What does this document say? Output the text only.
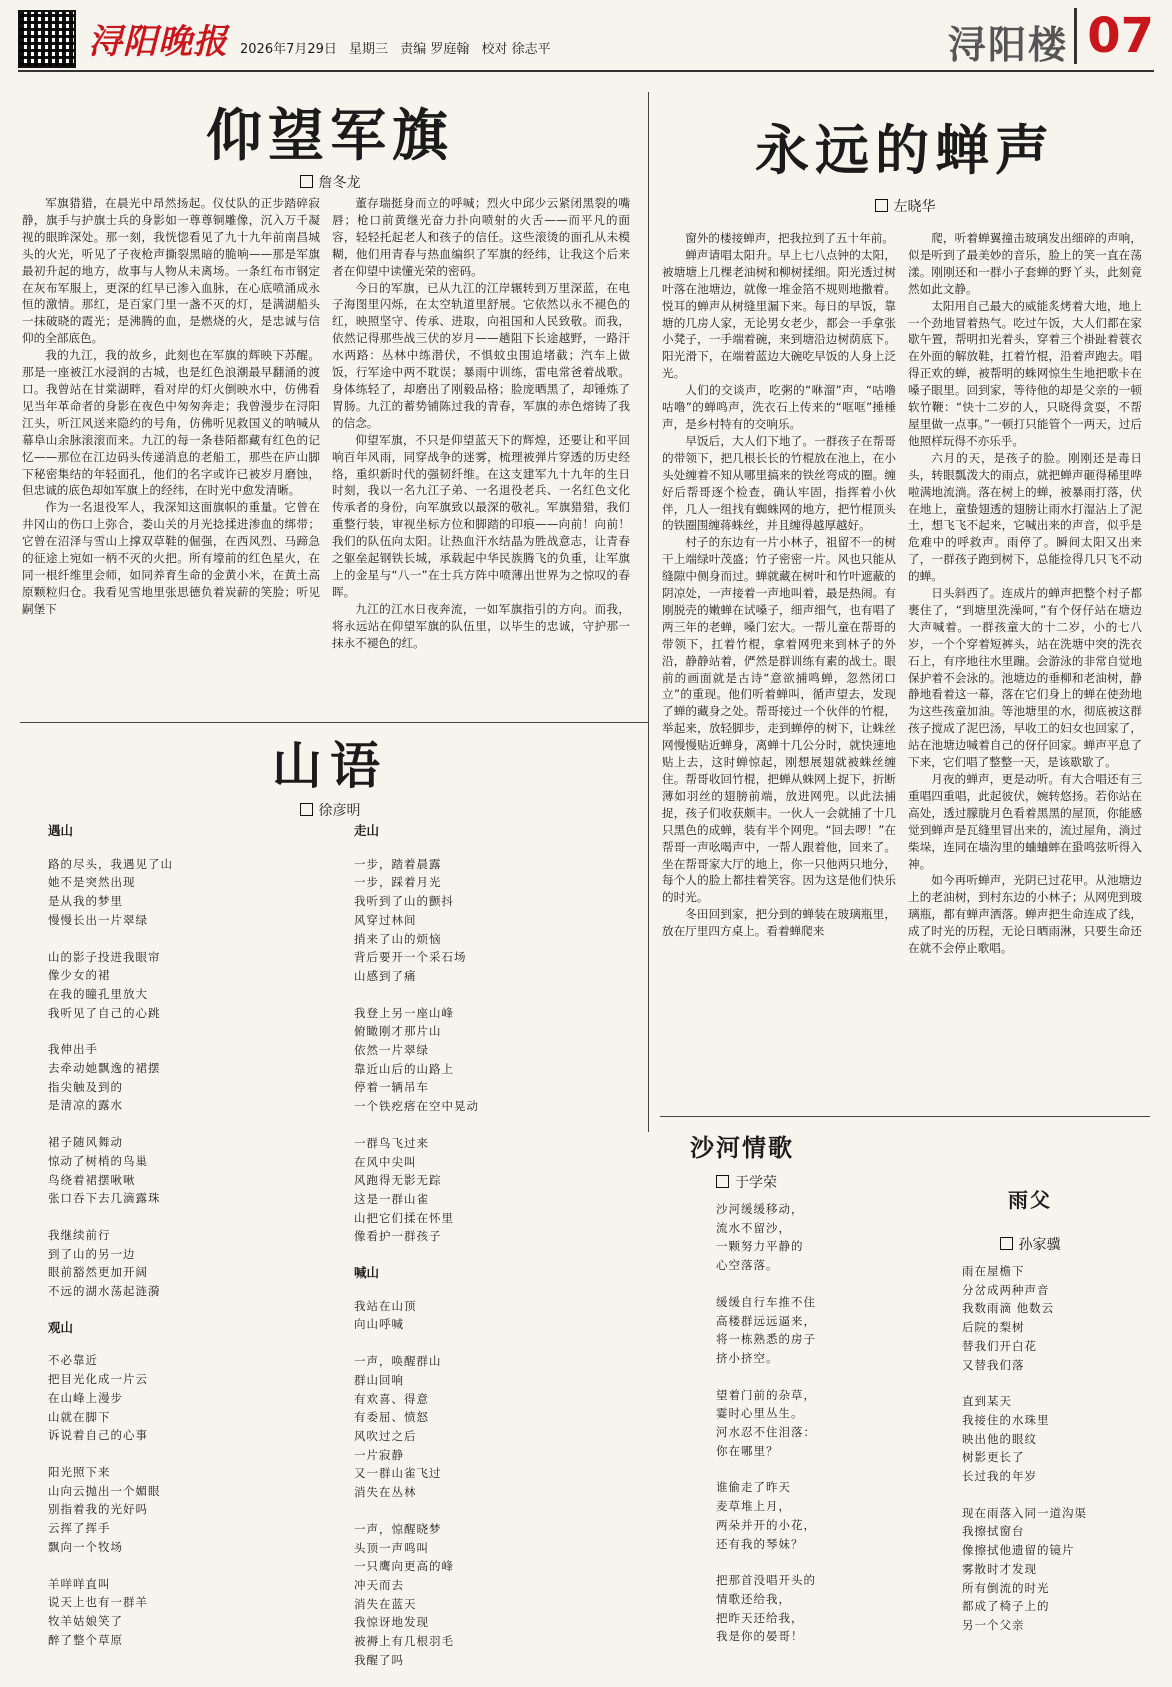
浔阳晚报 2026年7月29日 星期三 责编 罗庭翰 校对 徐志平	浔阳楼 07
仰望军旗
詹冬龙

军旗猎猎，在晨光中昂然扬起。仪仗队的正步踏碎寂静，旗手与护旗士兵的身影如一尊尊铜雕像，沉入万千凝视的眼眸深处。那一刻，我恍惚看见了九十九年前南昌城头的火光，听见了子夜枪声撕裂黑暗的脆响——那是军旗最初升起的地方，故事与人物从未离场。一条红布市钢定在灰布军服上，更深的红早已渗入血脉，在心底喷涌成永恒的激情。那红，是百家门里一盏不灭的灯，是满湖船头一抹破晓的霞光；是沸腾的血，是燃烧的火，是忠诚与信仰的全部底色。

我的九江，我的故乡，此刻也在军旗的辉映下苏醒。那是一座被江水浸润的古城，也是红色浪潮最早翻涌的渡口。我曾站在甘棠湖畔，看对岸的灯火倒映水中，仿佛看见当年革命者的身影在夜色中匆匆奔走；我曾漫步在浔阳江头，听江风送来隐约的号角，仿佛听见救国义的呐喊从幕阜山余脉滚滚而来。九江的每一条巷陌都藏有红色的记忆——那位在江边码头传递消息的老船工，那些在庐山脚下秘密集结的年轻面孔，他们的名字或许已被岁月磨蚀，但忠诚的底色却如军旗上的经纬，在时光中愈发清晰。

作为一名退役军人，我深知这面旗帜的重量。它曾在井冈山的伤口上弥合，娄山关的月光捻揉进渗血的绑带；它曾在沼泽与雪山上撑双草鞋的倔强，在西风烈、马蹄急的征途上宛如一柄不灭的火把。所有壕前的红色星火，在同一根纤维里会师，如同养育生命的金黄小米，在黄土高原颗粒归仓。我看见雪地里张思德负着炭薪的笑脸；听见嗣堡下

董存瑞挺身而立的呼喊；烈火中邱少云紧闭黑裂的嘴唇；枪口前黄继光奋力扑向喷射的火舌——而平凡的面容，轻轻托起老人和孩子的信任。这些滚烫的面孔从未模糊，他们用青春与热血编织了军旗的经纬，让我这个后来者在仰望中读懂光荣的密码。

今日的军旗，已从九江的江岸辗转到万里深蓝，在电子海图里闪烁，在太空轨道里舒展。它依然以永不褪色的红，映照坚守、传承、进取，向祖国和人民致敬。而我，依然记得那些战三伏的岁月——趟阻下长途越野，一路汗水两路：丛林中练潜伏，不惧蚊虫围追堵截；汽车上做饭，行军途中两不耽误；暴雨中训练，雷电常爸着战歌。身体练轻了，却磨出了刚毅品格；脸庞晒黑了，却锤炼了胃肠。九江的蓄势铺陈过我的青春，军旗的赤色熔铸了我的信念。

仰望军旗，不只是仰望蓝天下的辉煌，还要让和平回响百年风雨，同穿战争的迷雾，梳理被弹片穿透的历史经络，重织新时代的强韧纤维。在这支建军九十九年的生日时刻，我以一名九江子弟、一名退役老兵、一名红色文化传承者的身份，向军旗致以最深的敬礼。军旗猎猎，我们重整行装，审视坐标方位和脚踏的印痕——向前！向前！我们的队伍向太阳。让热血汗水结晶为胜战意志，让青春之躯垒起钢铁长城，承载起中华民族腾飞的负重，让军旗上的金星与“八一”在士兵方阵中喷薄出世界为之惊叹的春晖。

九江的江水日夜奔流，一如军旗指引的方向。而我，将永远站在仰望军旗的队伍里，以毕生的忠诚，守护那一抹永不褪色的红。

永远的蝉声
左晓华

窗外的楼接蝉声，把我拉到了五十年前。

蝉声请唱太阳升。早上七八点钟的太阳，被塘塘上几棵老油树和柳树揉细。阳光透过树叶落在池塘边，就像一堆金箔不规则地撒着。悦耳的蝉声从树缝里漏下来。每日的早饭，靠塘的几房人家，无论男女老少，都会一手拿张小凳子，一手端着碗，来到塘沿边树荫底下。阳光滑下，在端着蓝边大碗吃早饭的人身上泛光。

人们的交谈声，吃粥的“咻溜”声，“咕噜咕噜”的蝉鸣声，洗衣石上传来的“哐哐”捶棰声，是乡村特有的交响乐。

早饭后，大人们下地了。一群孩子在帮哥的带领下，把几根长长的竹棍放在池上，在小头处缠着不知从哪里搞来的铁丝弯成的圈。缠好后帮哥逐个检查，确认牢固，指挥着小伙伴，几人一组找有蜘蛛网的地方，把竹棍顶头的铁圈围缠蒋蛛丝，并且缠得越厚越好。

村子的东边有一片小林子，祖留不一的树干上端绿叶茂盛；竹子密密一片。风也只能从缝隙中侧身而过。蝉就藏在树叶和竹叶遮蔽的阴凉处，一声接着一声地叫着，最是热闹。有刚脱壳的嫩蝉在试嗓子，细声细气，也有唱了两三年的老蝉，嗓门宏大。一帮儿童在帮哥的带领下，扛着竹棍，拿着网兜来到林子的外沿，静静站着，俨然是群训练有素的战士。眼前的画面就是古诗“意欲捕鸣蝉，忽然闭口立”的重现。他们听着蝉叫，循声望去，发现了蝉的藏身之处。帮哥接过一个伙伴的竹棍，举起来，放轻脚步，走到蝉停的树下，让蛛丝网慢慢贴近蝉身，离蝉十几公分时，就快速地贴上去，这时蝉惊起，刚想展翅就被蛛丝缠住。帮哥收回竹棍，把蝉从蛛网上捉下，折断薄如羽丝的翅膀前端，放进网兜。以此法捕捉，孩子们收获颇丰。一伙人一会就捕了十几只黑色的成蝉，装有半个网兜。“回去啰！”在帮哥一声吆喝声中，一帮人跟着他，回来了。坐在帮哥家大厅的地上，你一只他两只地分，每个人的脸上都挂着笑容。因为这是他们快乐的时光。

冬田回到家，把分到的蝉装在玻璃瓶里，放在厅里四方桌上。看着蝉爬来

爬，听着蝉翼撞击玻璃发出细碎的声响，似是听到了最美妙的音乐，脸上的笑一直在荡漾。刚刚还和一群小子套蝉的野丫头，此刻竟然如此文静。

太阳用自己最大的威能炙烤着大地，地上一个劲地冒着热气。吃过午饭，大人们都在家歇午置，帮明扣光着头，穿着三个褂趾着蓑衣在外面的解放鞋，扛着竹棍，沿着声跑去。唱得正欢的蝉，被帮明的蛛网惊生生地把歌卡在嗓子眼里。回到家，等待他的却是父亲的一顿软竹鞭：“快十二岁的人，只晓得贪耍，不帮屋里做一点事。”一顿打只能管个一两天，过后他照样玩得不亦乐乎。

六月的天，是孩子的脸。刚刚还是毒日头，转眼瓢泼大的雨点，就把蝉声砸得稀里哗啦满地流淌。落在树上的蝉，被暴雨打落，伏在地上，童蛰翅透的翅膀让雨水打湿沾上了泥土，想飞飞不起来，它喊出来的声音，似乎是危难中的呼救声。雨停了。瞬间太阳又出来了，一群孩子跑到树下，总能捡得几只飞不动的蝉。

日头斜西了。连成片的蝉声把整个村子都裹住了，“到塘里洗澡呵，”有个伢仔站在塘边大声喊着。一群孩童大的十二岁，小的七八岁，一个个穿着短裤头，站在洗塘中突的洗衣石上，有序地往水里蹦。会游泳的非常自觉地保护着不会泳的。池塘边的垂柳和老油树，静静地看着这一幕，落在它们身上的蝉在使劲地为这些孩童加油。等池塘里的水，彻底被这群孩子搅成了泥巴汤，早收工的妇女也回家了，站在池塘边喊着自己的伢仔回家。蝉声平息了下来，它们唱了整整一天，是该歇歇了。

月夜的蝉声，更是动听。有大合唱还有三重唱四重唱，此起彼伏，婉转悠扬。若你站在高处，透过朦胧月色看着黑黑的屋顶，你能感觉到蝉声是瓦缝里冒出来的，流过屋角，淌过柴垛，连同在墙沟里的蛐蛐蟀在蛩鸣弦听得入神。

如今再听蝉声，光阴已过花甲。从池塘边上的老油树，到村东边的小林子；从网兜到玻璃瓶，都有蝉声洒落。蝉声把生命连成了线，成了时光的历程，无论日晒雨淋，只要生命还在就不会停止歌唱。

山语
徐彦明
遇山
路的尽头，我遇见了山
她不是突然出现
是从我的梦里
慢慢长出一片翠绿
山的影子投进我眼帘
像少女的裙
在我的瞳孔里放大
我听见了自己的心跳
我伸出手
去牵动她飘逸的裙摆
指尖触及到的
是清凉的露水
裙子随风舞动
惊动了树梢的鸟巢
鸟绕着裙摆啾啾
张口吞下去几滴露珠
我继续前行
到了山的另一边
眼前豁然更加开阔
不远的湖水荡起涟漪
观山
不必靠近
把目光化成一片云
在山峰上漫步
山就在脚下
诉说着自己的心事
阳光照下来
山向云抛出一个媚眼
别指着我的光好吗
云挥了挥手
飘向一个牧场
羊咩咩直叫
说天上也有一群羊
牧羊姑娘笑了
醉了整个草原
走山
一步，踏着晨露
一步，踩着月光
我听到了山的颤抖
风穿过林间
捎来了山的烦恼
背后要开一个采石场
山感到了痛
我登上另一座山峰
俯瞰刚才那片山
依然一片翠绿
靠近山后的山路上
停着一辆吊车
一个铁疙瘩在空中晃动
一群鸟飞过来
在风中尖叫
风跑得无影无踪
这是一群山雀
山把它们揉在怀里
像看护一群孩子
喊山
我站在山顶
向山呼喊
一声，唤醒群山
群山回响
有欢喜、得意
有委屈、愤怒
风吹过之后
一片寂静
又一群山雀飞过
消失在丛林
一声，惊醒晓梦
头顶一声鸣叫
一只鹰向更高的峰
冲天而去
消失在蓝天
我惊讶地发现
被褥上有几根羽毛
我醒了吗
沙河情歌
于学荣
沙河缓缓移动，
流水不留沙，
一颗努力平静的
心空落落。
缓缓自行车推不住
高楼群远远逼来，
将一栋熟悉的房子
挤小挤空。
望着门前的杂草，
霎时心里丛生。
河水忍不住泪落：
你在哪里？
谁偷走了昨天
麦草堆上月，
两朵并开的小花，
还有我的琴妹？
把那首没唱开头的
情歌还给我，
把昨天还给我，
我是你的晏哥！
雨父
孙家骥
雨在屋檐下
分岔成两种声音
我数雨滴 他数云
后院的梨树
替我们开白花
又替我们落
直到某天
我接住的水珠里
映出他的眼纹
树影更长了
长过我的年岁
现在雨落入同一道沟渠
我擦拭窗台
像擦拭他遗留的镜片
雾散时才发现
所有倒流的时光
都成了椅子上的
另一个父亲
